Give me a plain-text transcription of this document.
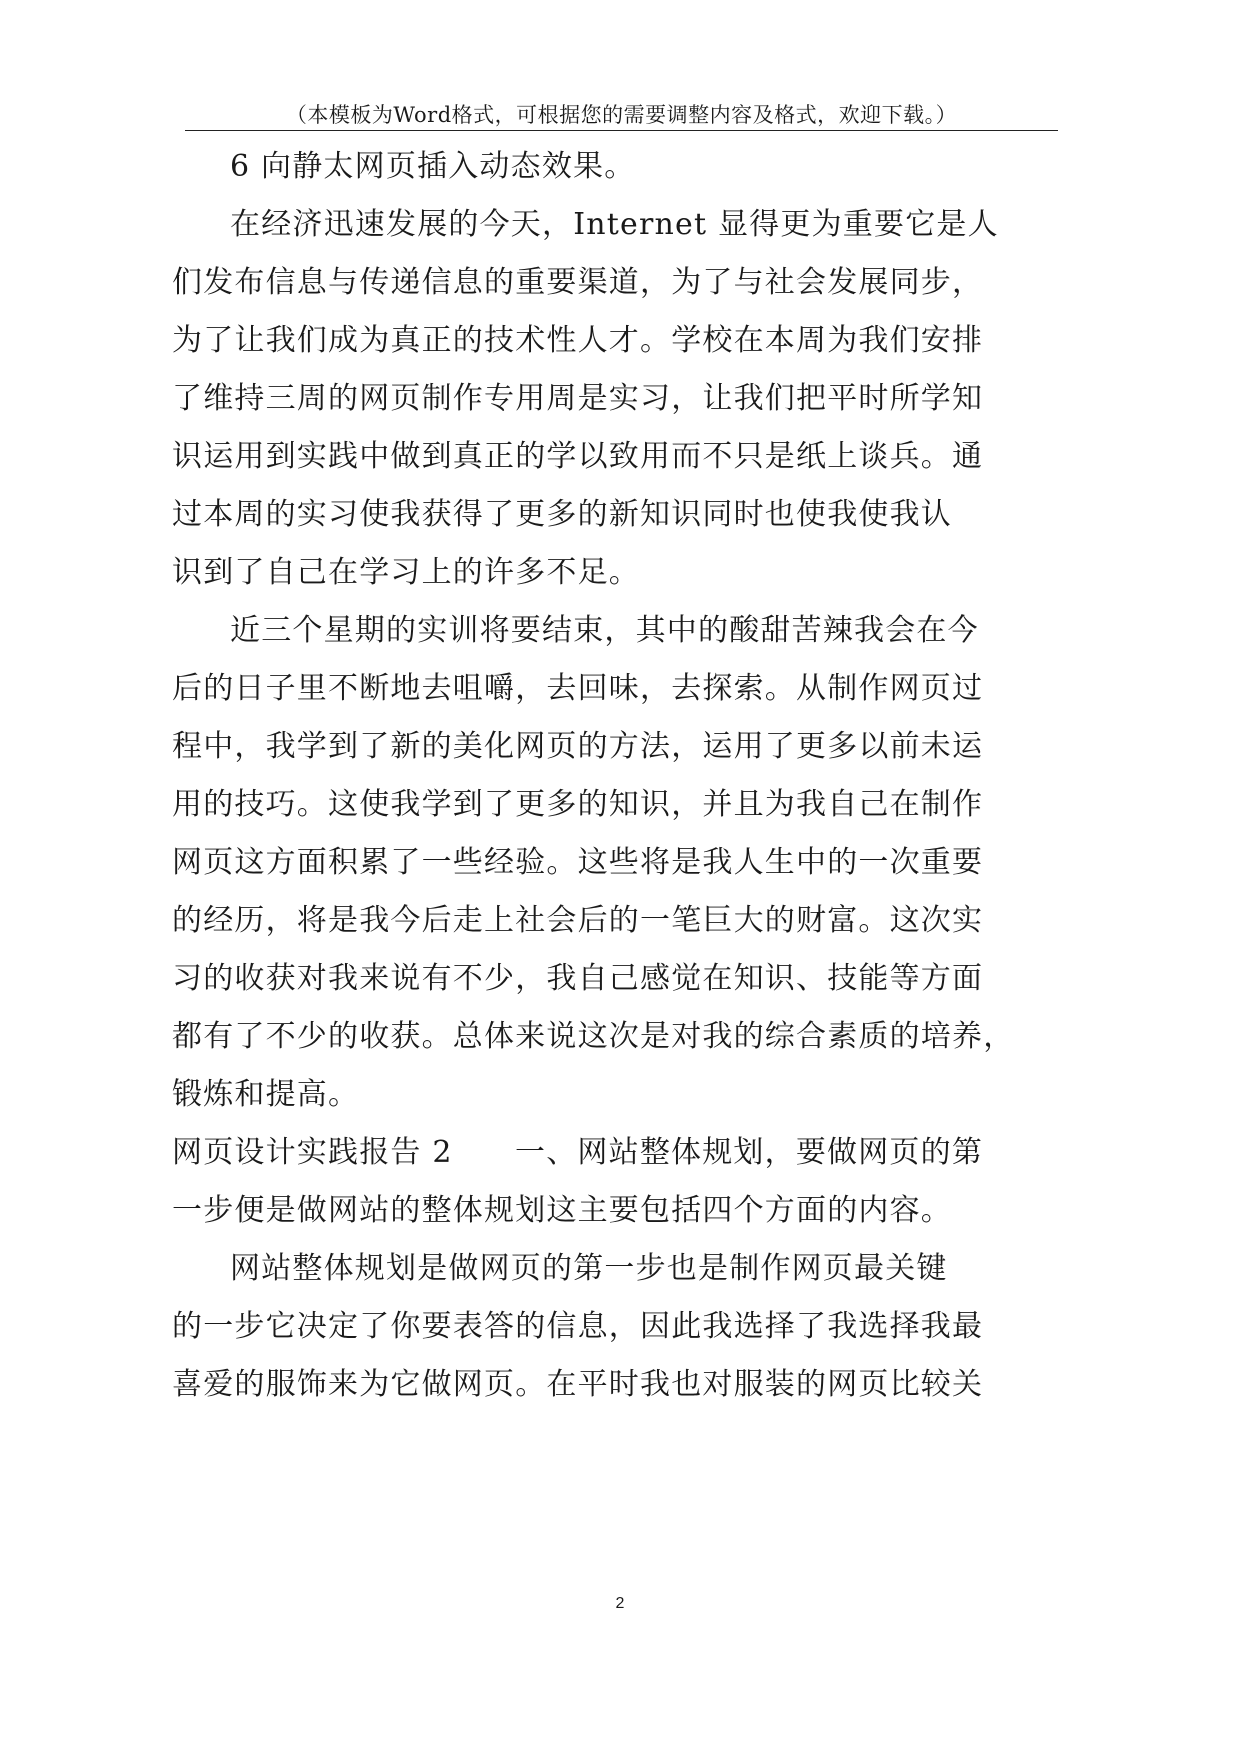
（本模板为Word格式，可根据您的需要调整内容及格式，欢迎下载。）
6 向静太网页插入动态效果。
在经济迅速发展的今天，Internet 显得更为重要它是人
们发布信息与传递信息的重要渠道，为了与社会发展同步，
为了让我们成为真正的技术性人才。学校在本周为我们安排
了维持三周的网页制作专用周是实习，让我们把平时所学知
识运用到实践中做到真正的学以致用而不只是纸上谈兵。通
过本周的实习使我获得了更多的新知识同时也使我使我认
识到了自己在学习上的许多不足。
近三个星期的实训将要结束，其中的酸甜苦辣我会在今
后的日子里不断地去咀嚼，去回味，去探索。从制作网页过
程中，我学到了新的美化网页的方法，运用了更多以前未运
用的技巧。这使我学到了更多的知识，并且为我自己在制作
网页这方面积累了一些经验。这些将是我人生中的一次重要
的经历，将是我今后走上社会后的一笔巨大的财富。这次实
习的收获对我来说有不少，我自己感觉在知识、技能等方面
都有了不少的收获。总体来说这次是对我的综合素质的培养，
锻炼和提高。
网页设计实践报告 2　　一、网站整体规划，要做网页的第
一步便是做网站的整体规划这主要包括四个方面的内容。
网站整体规划是做网页的第一步也是制作网页最关键
的一步它决定了你要表答的信息，因此我选择了我选择我最
喜爱的服饰来为它做网页。在平时我也对服装的网页比较关
2
